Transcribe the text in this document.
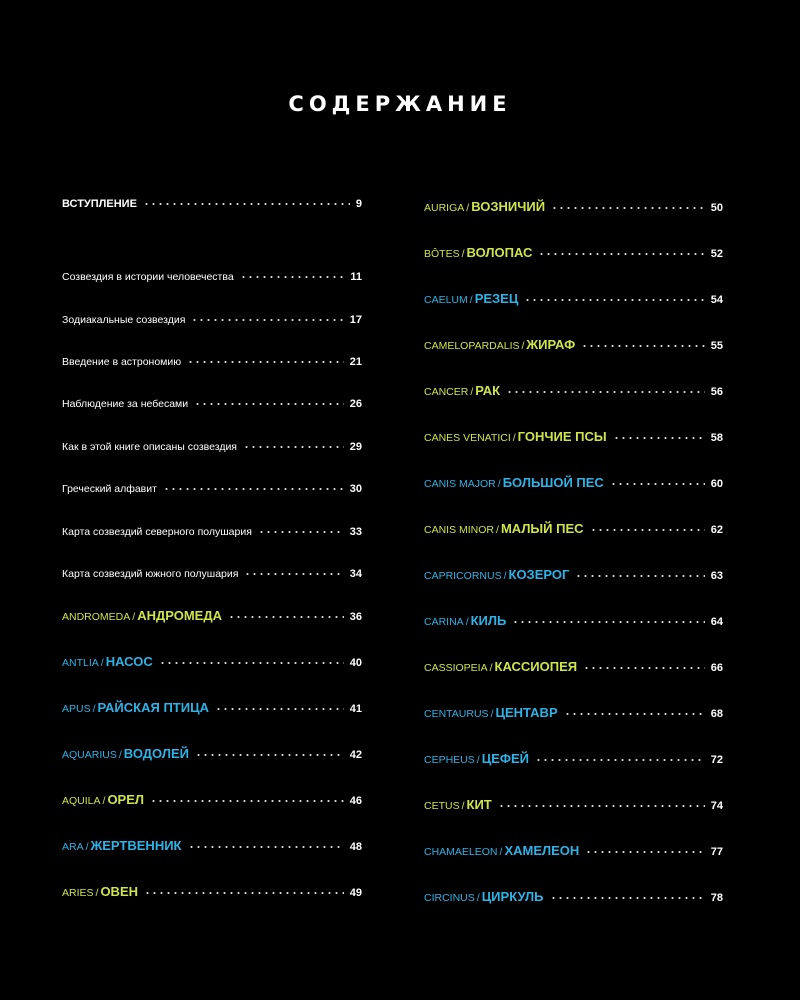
СОДЕРЖАНИЕ
ВСТУПЛЕНИЕ	9
Созвездия в истории человечества	11
Зодиакальные созвездия	17
Введение в астрономию	21
Наблюдение за небесами	26
Как в этой книге описаны созвездия	29
Греческий алфавит	30
Карта созвездий северного полушария	33
Карта созвездий южного полушария	34
ANDROMEDA / АНДРОМЕДА	36
ANTLIA / НАСОС	40
APUS / РАЙСКАЯ ПТИЦА	41
AQUARIUS / ВОДОЛЕЙ	42
AQUILA / ОРЕЛ	46
ARA / ЖЕРТВЕННИК	48
ARIES / ОВЕН	49
AURIGA / ВОЗНИЧИЙ	50
BÔTES / ВОЛОПАС	52
CAELUM / РЕЗЕЦ	54
CAMELOPARDALIS / ЖИРАФ	55
CANCER / РАК	56
CANES VENATICI / ГОНЧИЕ ПСЫ	58
CANIS MAJOR / БОЛЬШОЙ ПЕС	60
CANIS MINOR / МАЛЫЙ ПЕС	62
CAPRICORNUS / КОЗЕРОГ	63
CARINA / КИЛЬ	64
CASSIOPEIA / КАССИОПЕЯ	66
CENTAURUS / ЦЕНТАВР	68
CEPHEUS / ЦЕФЕЙ	72
CETUS / КИТ	74
CHAMAELEON / ХАМЕЛЕОН	77
CIRCINUS / ЦИРКУЛЬ	78
